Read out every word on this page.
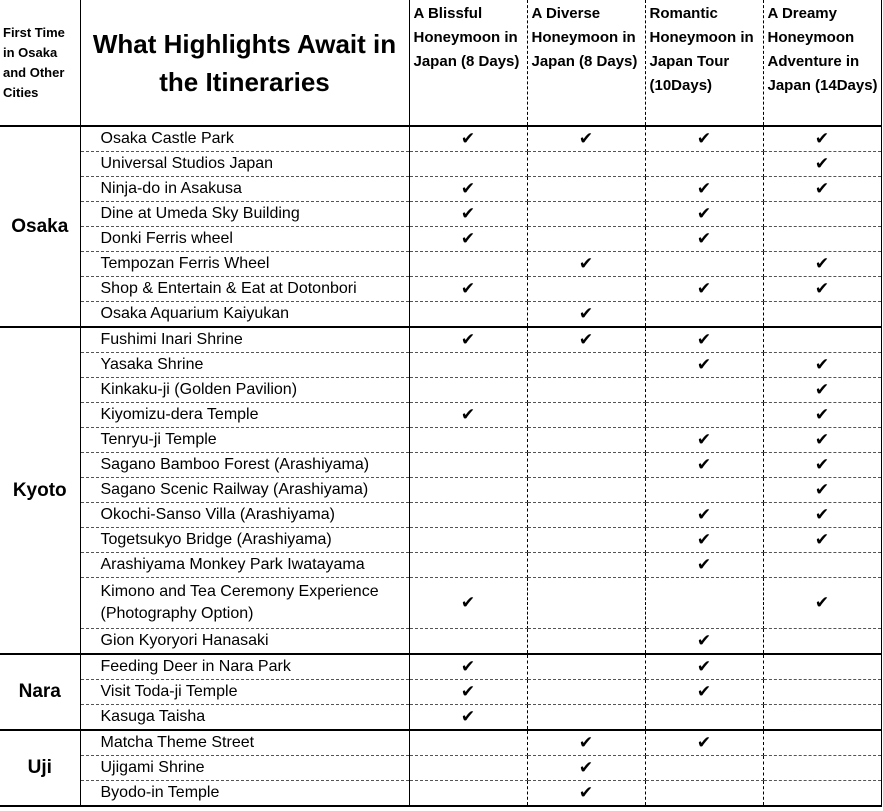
First Time in Osaka and Other Cities	What Highlights Await in the Itineraries	A Blissful Honeymoon in Japan (8 Days)	A Diverse Honeymoon in Japan (8 Days)	Romantic Honeymoon in Japan Tour (10Days)	A Dreamy Honeymoon Adventure in Japan (14Days)
Osaka	Osaka Castle Park	✔	✔	✔	✔
	Universal Studios Japan				✔
	Ninja-do in Asakusa	✔		✔	✔
	Dine at Umeda Sky Building	✔		✔	
	Donki Ferris wheel	✔		✔	
	Tempozan Ferris Wheel		✔		✔
	Shop & Entertain & Eat at Dotonbori	✔		✔	✔
	Osaka Aquarium Kaiyukan		✔		
Kyoto	Fushimi Inari Shrine	✔	✔	✔	
	Yasaka Shrine			✔	✔
	Kinkaku-ji (Golden Pavilion)				✔
	Kiyomizu-dera Temple	✔			✔
	Tenryu-ji Temple			✔	✔
	Sagano Bamboo Forest (Arashiyama)			✔	✔
	Sagano Scenic Railway (Arashiyama)				✔
	Okochi-Sanso Villa (Arashiyama)			✔	✔
	Togetsukyo Bridge (Arashiyama)			✔	✔
	Arashiyama Monkey Park Iwatayama			✔	
	Kimono and Tea Ceremony Experience (Photography Option)	✔			✔
	Gion Kyoryori Hanasaki			✔	
Nara	Feeding Deer in Nara Park	✔		✔	
	Visit Toda-ji Temple	✔		✔	
	Kasuga Taisha	✔			
Uji	Matcha Theme Street		✔	✔	
	Ujigami Shrine		✔		
	Byodo-in Temple		✔		
